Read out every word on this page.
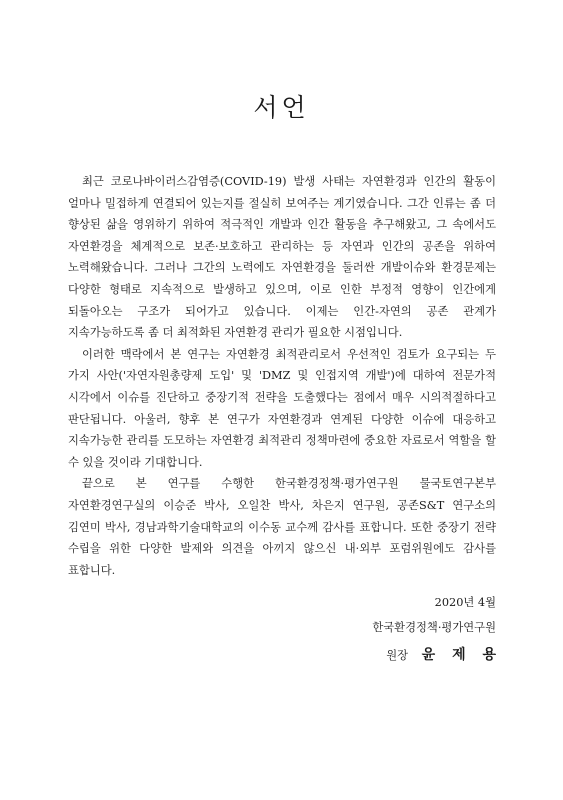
서언

최근 코로나바이러스감염증(COVID-19) 발생 사태는 자연환경과 인간의 활동이 얼마나 밀접하게 연결되어 있는지를 절실히 보여주는 계기였습니다. 그간 인류는 좀 더 향상된 삶을 영위하기 위하여 적극적인 개발과 인간 활동을 추구해왔고, 그 속에서도 자연환경을 체계적으로 보존·보호하고 관리하는 등 자연과 인간의 공존을 위하여 노력해왔습니다. 그러나 그간의 노력에도 자연환경을 둘러싼 개발이슈와 환경문제는 다양한 형태로 지속적으로 발생하고 있으며, 이로 인한 부정적 영향이 인간에게 되돌아오는 구조가 되어가고 있습니다. 이제는 인간-자연의 공존 관계가 지속가능하도록 좀 더 최적화된 자연환경 관리가 필요한 시점입니다.

이러한 맥락에서 본 연구는 자연환경 최적관리로서 우선적인 검토가 요구되는 두 가지 사안('자연자원총량제 도입' 및 'DMZ 및 인접지역 개발')에 대하여 전문가적 시각에서 이슈를 진단하고 중장기적 전략을 도출했다는 점에서 매우 시의적절하다고 판단됩니다. 아울러, 향후 본 연구가 자연환경과 연계된 다양한 이슈에 대응하고 지속가능한 관리를 도모하는 자연환경 최적관리 정책마련에 중요한 자료로서 역할을 할 수 있을 것이라 기대합니다.

끝으로 본 연구를 수행한 한국환경정책·평가연구원 물국토연구본부 자연환경연구실의 이승준 박사, 오일찬 박사, 차은지 연구원, 공존S&T 연구소의 김연미 박사, 경남과학기술대학교의 이수동 교수께 감사를 표합니다. 또한 중장기 전략 수립을 위한 다양한 발제와 의견을 아끼지 않으신 내·외부 포럼위원에도 감사를 표합니다.

2020년 4월
한국환경정책·평가연구원
원장 윤 제 용
